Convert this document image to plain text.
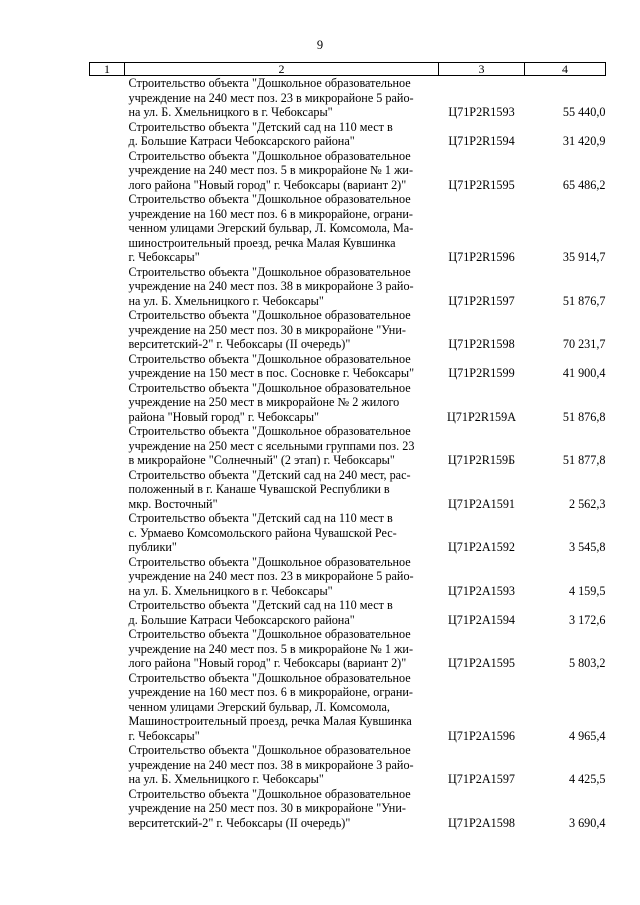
9
1	2	3	4

	Строительство объекта "Дошкольное образовательное
учреждение на 240 мест поз. 23 в микрорайоне 5 райо-
на ул. Б. Хмельницкого в г. Чебоксары"	Ц71P2R1593	55 440,0

	Строительство объекта "Детский сад на 110 мест в
д. Большие Катраси Чебоксарского района"	Ц71P2R1594	31 420,9

	Строительство объекта "Дошкольное образовательное
учреждение на 240 мест поз. 5 в микрорайоне № 1 жи-
лого района "Новый город" г. Чебоксары (вариант 2)"	Ц71P2R1595	65 486,2

	Строительство объекта "Дошкольное образовательное
учреждение на 160 мест поз. 6 в микрорайоне, ограни-
ченном улицами Эгерский бульвар, Л. Комсомола, Ма-
шиностроительный проезд, речка Малая Кувшинка
г. Чебоксары"	Ц71P2R1596	35 914,7

	Строительство объекта "Дошкольное образовательное
учреждение на 240 мест поз. 38 в микрорайоне 3 райо-
на ул. Б. Хмельницкого г. Чебоксары"	Ц71P2R1597	51 876,7

	Строительство объекта "Дошкольное образовательное
учреждение на 250 мест поз. 30 в микрорайоне "Уни-
верситетский-2" г. Чебоксары (II очередь)"	Ц71P2R1598	70 231,7

	Строительство объекта "Дошкольное образовательное
учреждение на 150 мест в пос. Сосновке г. Чебоксары"	Ц71P2R1599	41 900,4

	Строительство объекта "Дошкольное образовательное
учреждение на 250 мест в микрорайоне № 2 жилого
района "Новый город" г. Чебоксары"	Ц71P2R159А	51 876,8

	Строительство объекта "Дошкольное образовательное
учреждение на 250 мест с ясельными группами поз. 23
в микрорайоне "Солнечный" (2 этап) г. Чебоксары"	Ц71P2R159Б	51 877,8

	Строительство объекта "Детский сад на 240 мест, рас-
положенный в г. Канаше Чувашской Республики в
мкр. Восточный"	Ц71P2A1591	2 562,3

	Строительство объекта "Детский сад на 110 мест в
с. Урмаево Комсомольского района Чувашской Рес-
публики"	Ц71P2A1592	3 545,8

	Строительство объекта "Дошкольное образовательное
учреждение на 240 мест поз. 23 в микрорайоне 5 райо-
на ул. Б. Хмельницкого в г. Чебоксары"	Ц71P2A1593	4 159,5

	Строительство объекта "Детский сад на 110 мест в
д. Большие Катраси Чебоксарского района"	Ц71P2A1594	3 172,6

	Строительство объекта "Дошкольное образовательное
учреждение на 240 мест поз. 5 в микрорайоне № 1 жи-
лого района "Новый город" г. Чебоксары (вариант 2)"	Ц71P2A1595	5 803,2

	Строительство объекта "Дошкольное образовательное
учреждение на 160 мест поз. 6 в микрорайоне, ограни-
ченном улицами Эгерский бульвар, Л. Комсомола,
Машиностроительный проезд, речка Малая Кувшинка
г. Чебоксары"	Ц71P2A1596	4 965,4

	Строительство объекта "Дошкольное образовательное
учреждение на 240 мест поз. 38 в микрорайоне 3 райо-
на ул. Б. Хмельницкого г. Чебоксары"	Ц71P2A1597	4 425,5

	Строительство объекта "Дошкольное образовательное
учреждение на 250 мест поз. 30 в микрорайоне "Уни-
верситетский-2" г. Чебоксары (II очередь)"	Ц71P2A1598	3 690,4
